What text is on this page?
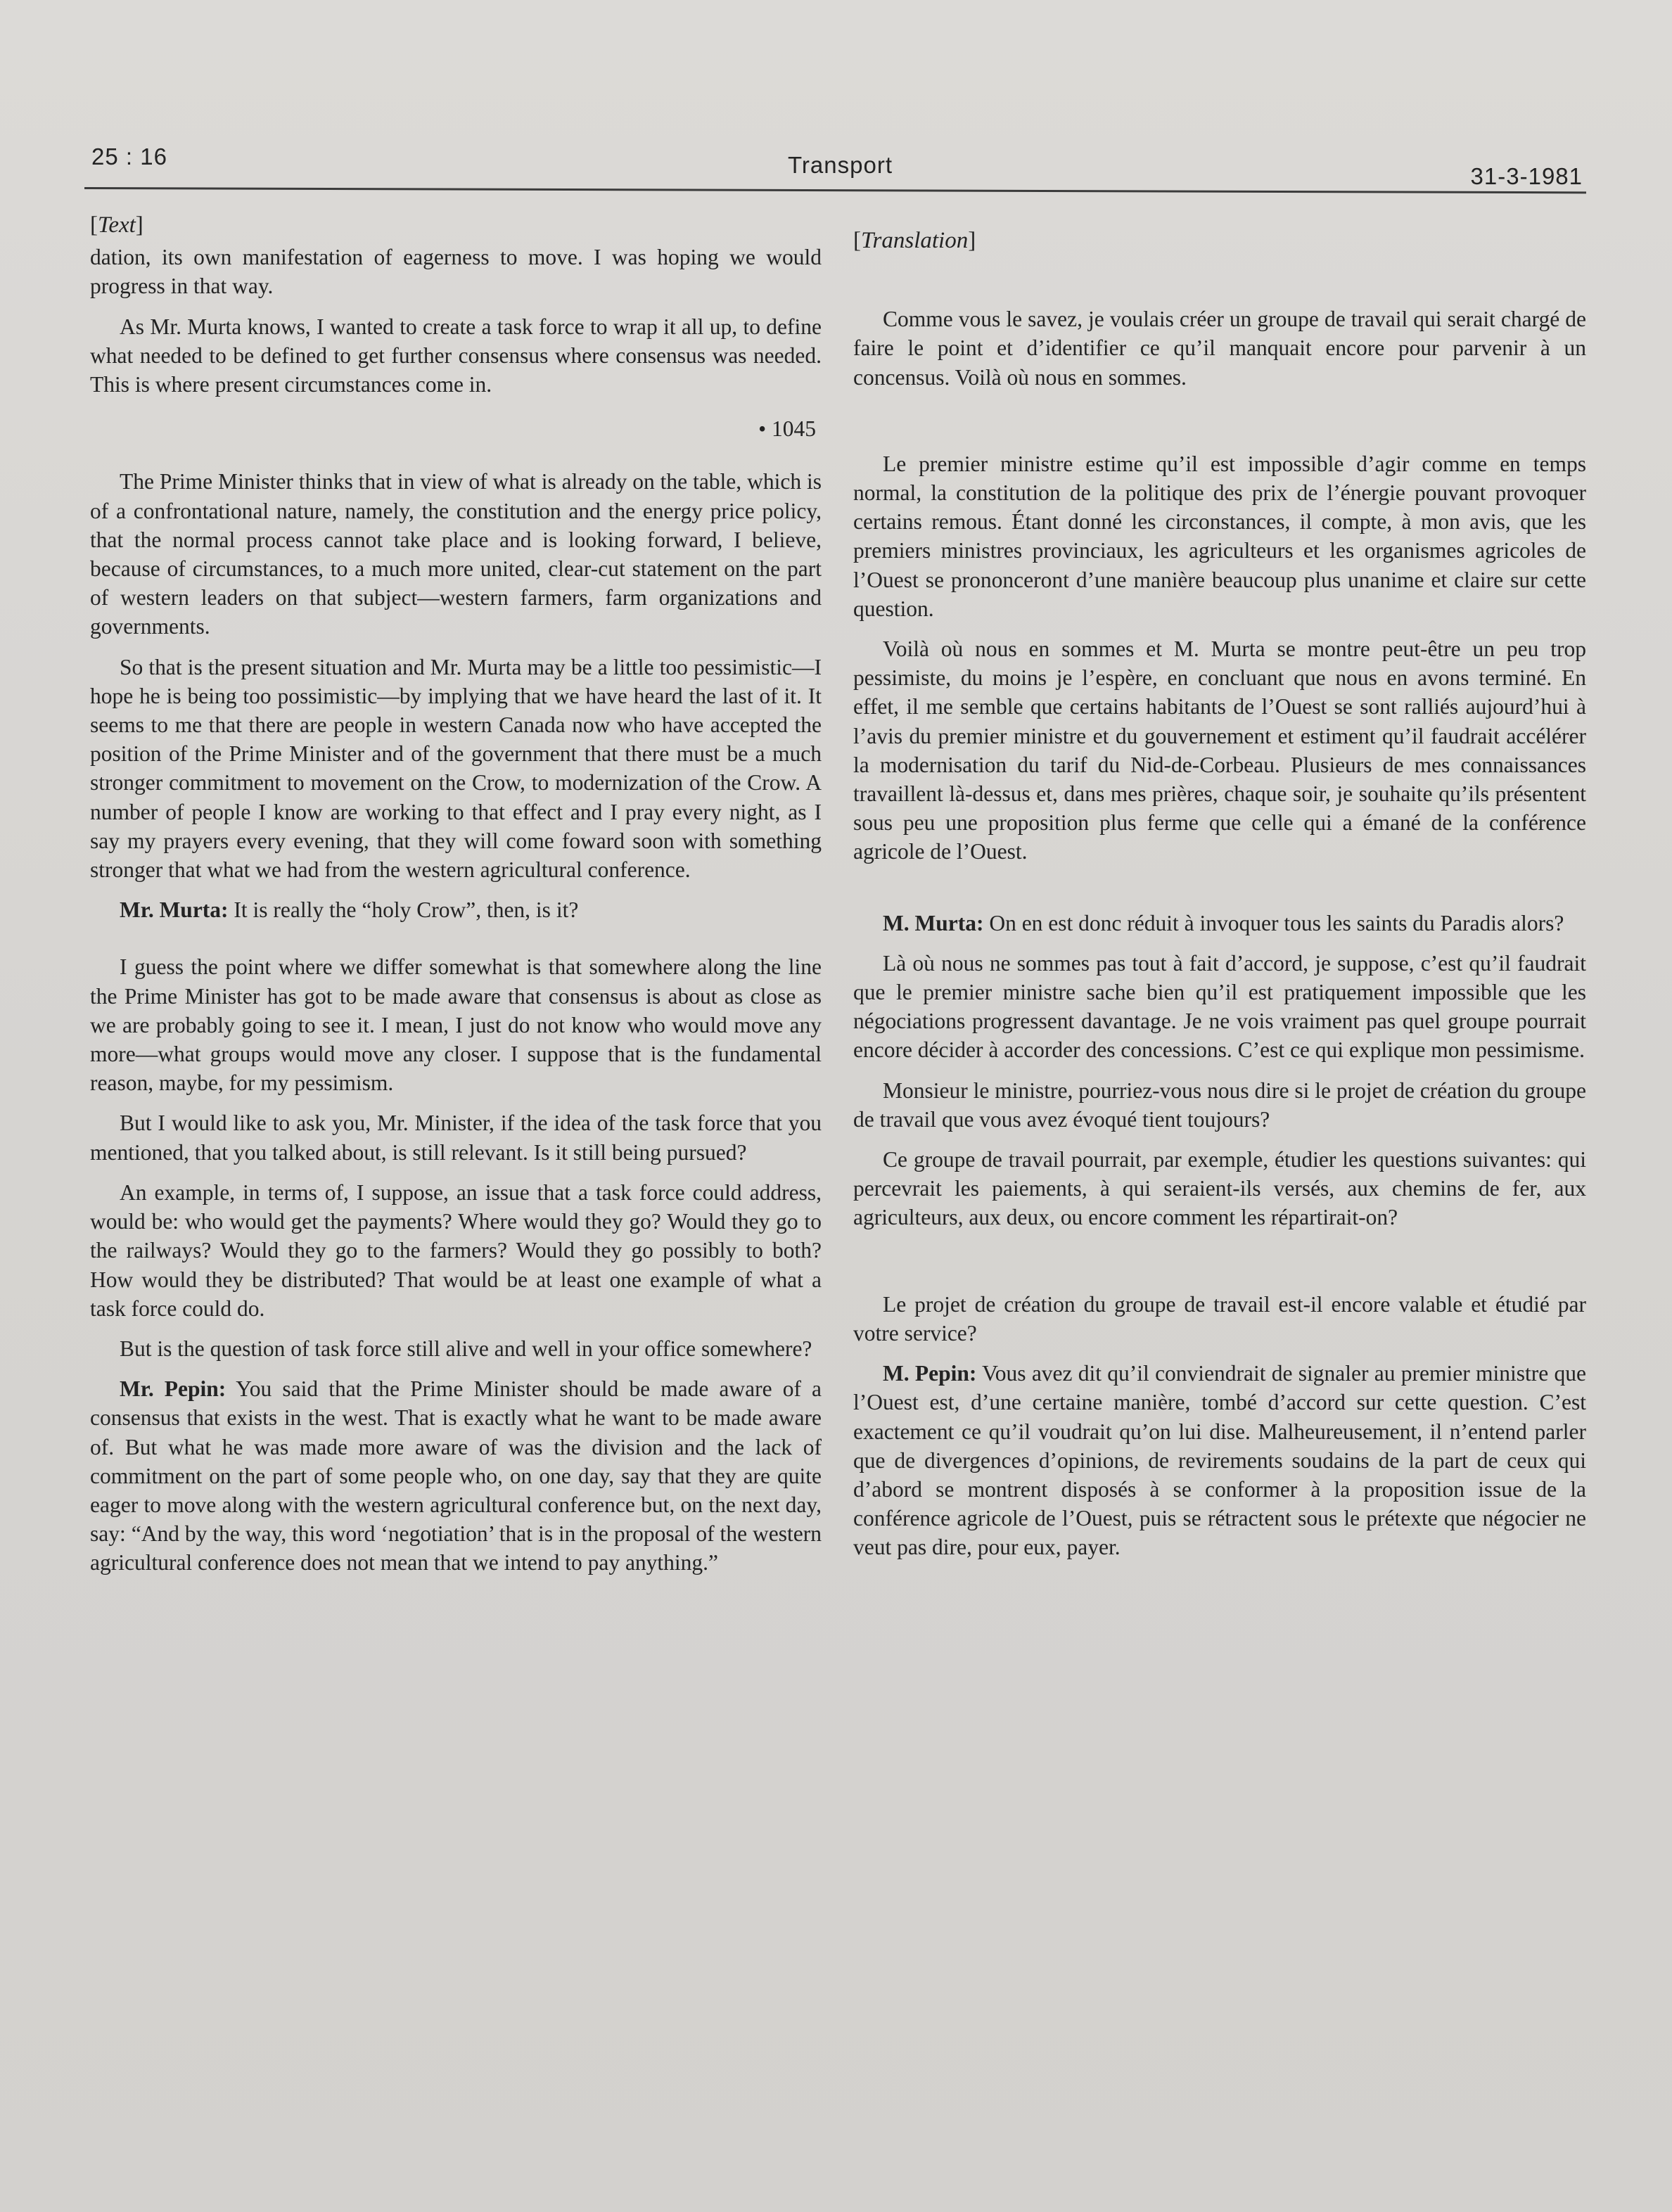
25 : 16	Transport	31-3-1981
[Text]

dation, its own manifestation of eagerness to move. I was hoping we would progress in that way.

As Mr. Murta knows, I wanted to create a task force to wrap it all up, to define what needed to be defined to get further consensus where consensus was needed. This is where present circumstances come in.

• 1045

The Prime Minister thinks that in view of what is already on the table, which is of a confrontational nature, namely, the constitution and the energy price policy, that the normal process cannot take place and is looking forward, I believe, because of circumstances, to a much more united, clear-cut statement on the part of western leaders on that subject—western farmers, farm organizations and governments.

So that is the present situation and Mr. Murta may be a little too pessimistic—I hope he is being too possimistic—by implying that we have heard the last of it. It seems to me that there are people in western Canada now who have accepted the position of the Prime Minister and of the government that there must be a much stronger commitment to movement on the Crow, to modernization of the Crow. A number of people I know are working to that effect and I pray every night, as I say my prayers every evening, that they will come foward soon with something stronger that what we had from the western agricultural conference.

Mr. Murta: It is really the “holy Crow”, then, is it?

I guess the point where we differ somewhat is that somewhere along the line the Prime Minister has got to be made aware that consensus is about as close as we are probably going to see it. I mean, I just do not know who would move any more—what groups would move any closer. I suppose that is the fundamental reason, maybe, for my pessimism.

But I would like to ask you, Mr. Minister, if the idea of the task force that you mentioned, that you talked about, is still relevant. Is it still being pursued?

An example, in terms of, I suppose, an issue that a task force could address, would be: who would get the payments? Where would they go? Would they go to the railways? Would they go to the farmers? Would they go possibly to both? How would they be distributed? That would be at least one example of what a task force could do.

But is the question of task force still alive and well in your office somewhere?

Mr. Pepin: You said that the Prime Minister should be made aware of a consensus that exists in the west. That is exactly what he want to be made aware of. But what he was made more aware of was the division and the lack of commitment on the part of some people who, on one day, say that they are quite eager to move along with the western agricultural conference but, on the next day, say: “And by the way, this word ‘negotiation’ that is in the proposal of the western agricultural conference does not mean that we intend to pay anything.”

[Translation]

Comme vous le savez, je voulais créer un groupe de travail qui serait chargé de faire le point et d’identifier ce qu’il manquait encore pour parvenir à un concensus. Voilà où nous en sommes.

Le premier ministre estime qu’il est impossible d’agir comme en temps normal, la constitution de la politique des prix de l’énergie pouvant provoquer certains remous. Étant donné les circonstances, il compte, à mon avis, que les premiers ministres provinciaux, les agriculteurs et les organismes agricoles de l’Ouest se prononceront d’une manière beaucoup plus unanime et claire sur cette question.

Voilà où nous en sommes et M. Murta se montre peut-être un peu trop pessimiste, du moins je l’espère, en concluant que nous en avons terminé. En effet, il me semble que certains habitants de l’Ouest se sont ralliés aujourd’hui à l’avis du premier ministre et du gouvernement et estiment qu’il faudrait accélérer la modernisation du tarif du Nid-de-Corbeau. Plusieurs de mes connaissances travaillent là-dessus et, dans mes prières, chaque soir, je souhaite qu’ils présentent sous peu une proposition plus ferme que celle qui a émané de la conférence agricole de l’Ouest.

M. Murta: On en est donc réduit à invoquer tous les saints du Paradis alors?

Là où nous ne sommes pas tout à fait d’accord, je suppose, c’est qu’il faudrait que le premier ministre sache bien qu’il est pratiquement impossible que les négociations progressent davantage. Je ne vois vraiment pas quel groupe pourrait encore décider à accorder des concessions. C’est ce qui explique mon pessimisme.

Monsieur le ministre, pourriez-vous nous dire si le projet de création du groupe de travail que vous avez évoqué tient toujours?

Ce groupe de travail pourrait, par exemple, étudier les questions suivantes: qui percevrait les paiements, à qui seraient-ils versés, aux chemins de fer, aux agriculteurs, aux deux, ou encore comment les répartirait-on?

Le projet de création du groupe de travail est-il encore valable et étudié par votre service?

M. Pepin: Vous avez dit qu’il conviendrait de signaler au premier ministre que l’Ouest est, d’une certaine manière, tombé d’accord sur cette question. C’est exactement ce qu’il voudrait qu’on lui dise. Malheureusement, il n’entend parler que de divergences d’opinions, de revirements soudains de la part de ceux qui d’abord se montrent disposés à se conformer à la proposition issue de la conférence agricole de l’Ouest, puis se rétractent sous le prétexte que négocier ne veut pas dire, pour eux, payer.
